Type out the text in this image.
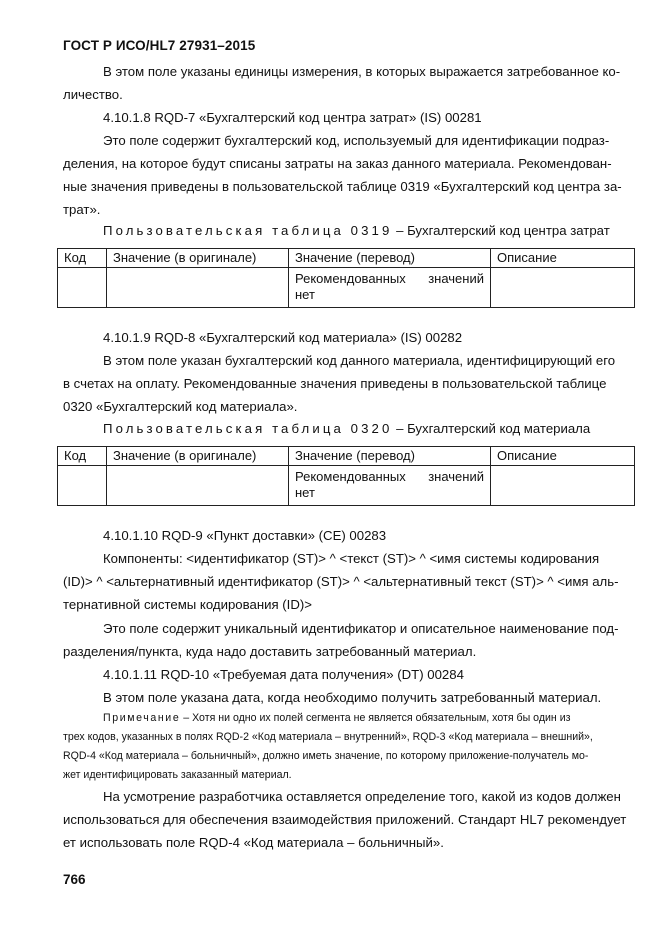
ГОСТ Р ИСО/HL7 27931–2015
В этом поле указаны единицы измерения, в которых выражается затребованное ко-
личество.
4.10.1.8 RQD-7 «Бухгалтерский код центра затрат» (IS) 00281
Это поле содержит бухгалтерский код, используемый для идентификации подраз-
деления, на которое будут списаны затраты на заказ данного материала. Рекомендован-
ные значения приведены в пользовательской таблице 0319 «Бухгалтерский код центра за-
трат».
Пользовательская таблица 0319 – Бухгалтерский код центра затрат
Код	Значение (в оригинале)	Значение (перевод)	Описание

		Рекомендованных значений
нет	

4.10.1.9 RQD-8 «Бухгалтерский код материала» (IS) 00282
В этом поле указан бухгалтерский код данного материала, идентифицирующий его
в счетах на оплату. Рекомендованные значения приведены в пользовательской таблице
0320 «Бухгалтерский код материала».
Пользовательская таблица 0320 – Бухгалтерский код материала
Код	Значение (в оригинале)	Значение (перевод)	Описание

		Рекомендованных значений
нет	

4.10.1.10 RQD-9 «Пункт доставки» (CE) 00283
Компоненты: <идентификатор (ST)> ^ <текст (ST)> ^ <имя системы кодирования
(ID)> ^ <альтернативный идентификатор (ST)> ^ <альтернативный текст (ST)> ^ <имя аль-
тернативной системы кодирования (ID)>
Это поле содержит уникальный идентификатор и описательное наименование под-
разделения/пункта, куда надо доставить затребованный материал.
4.10.1.11 RQD-10 «Требуемая дата получения» (DT) 00284
В этом поле указана дата, когда необходимо получить затребованный материал.
Примечание – Хотя ни одно их полей сегмента не является обязательным, хотя бы один из
трех кодов, указанных в полях RQD-2 «Код материала – внутренний», RQD-3 «Код материала – внешний»,
RQD-4 «Код материала – больничный», должно иметь значение, по которому приложение-получатель мо-
жет идентифицировать заказанный материал.
На усмотрение разработчика оставляется определение того, какой из кодов должен
использоваться для обеспечения взаимодействия приложений. Стандарт HL7 рекомендует
ет использовать поле RQD-4 «Код материала – больничный».
766
